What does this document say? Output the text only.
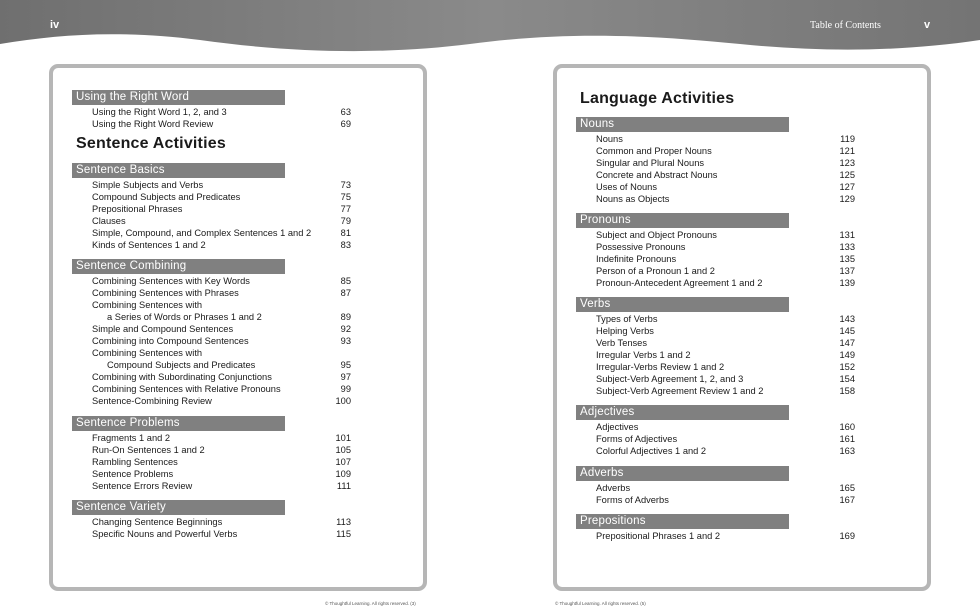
iv	Table of Contents	v
Using the Right Word
Using the Right Word 1, 2, and 3	63
Using the Right Word Review	69
Sentence Activities
Sentence Basics
Simple Subjects and Verbs	73
Compound Subjects and Predicates	75
Prepositional Phrases	77
Clauses	79
Simple, Compound, and Complex Sentences 1 and 2	81
Kinds of Sentences 1 and 2	83
Sentence Combining
Combining Sentences with Key Words	85
Combining Sentences with Phrases	87
Combining Sentences with
a Series of Words or Phrases 1 and 2	89
Simple and Compound Sentences	92
Combining into Compound Sentences	93
Combining Sentences with
Compound Subjects and Predicates	95
Combining with Subordinating Conjunctions	97
Combining Sentences with Relative Pronouns	99
Sentence-Combining Review	100
Sentence Problems
Fragments 1 and 2	101
Run-On Sentences 1 and 2	105
Rambling Sentences	107
Sentence Problems	109
Sentence Errors Review	111
Sentence Variety
Changing Sentence Beginnings	113
Specific Nouns and Powerful Verbs	115
© Thoughtful Learning. All rights reserved. (3)
Language Activities
Nouns
Nouns	119
Common and Proper Nouns	121
Singular and Plural Nouns	123
Concrete and Abstract Nouns	125
Uses of Nouns	127
Nouns as Objects	129
Pronouns
Subject and Object Pronouns	131
Possessive Pronouns	133
Indefinite Pronouns	135
Person of a Pronoun 1 and 2	137
Pronoun-Antecedent Agreement 1 and 2	139
Verbs
Types of Verbs	143
Helping Verbs	145
Verb Tenses	147
Irregular Verbs 1 and 2	149
Irregular-Verbs Review 1 and 2	152
Subject-Verb Agreement 1, 2, and 3	154
Subject-Verb Agreement Review 1 and 2	158
Adjectives
Adjectives	160
Forms of Adjectives	161
Colorful Adjectives 1 and 2	163
Adverbs
Adverbs	165
Forms of Adverbs	167
Prepositions
Prepositional Phrases 1 and 2	169
© Thoughtful Learning. All rights reserved. (5)
